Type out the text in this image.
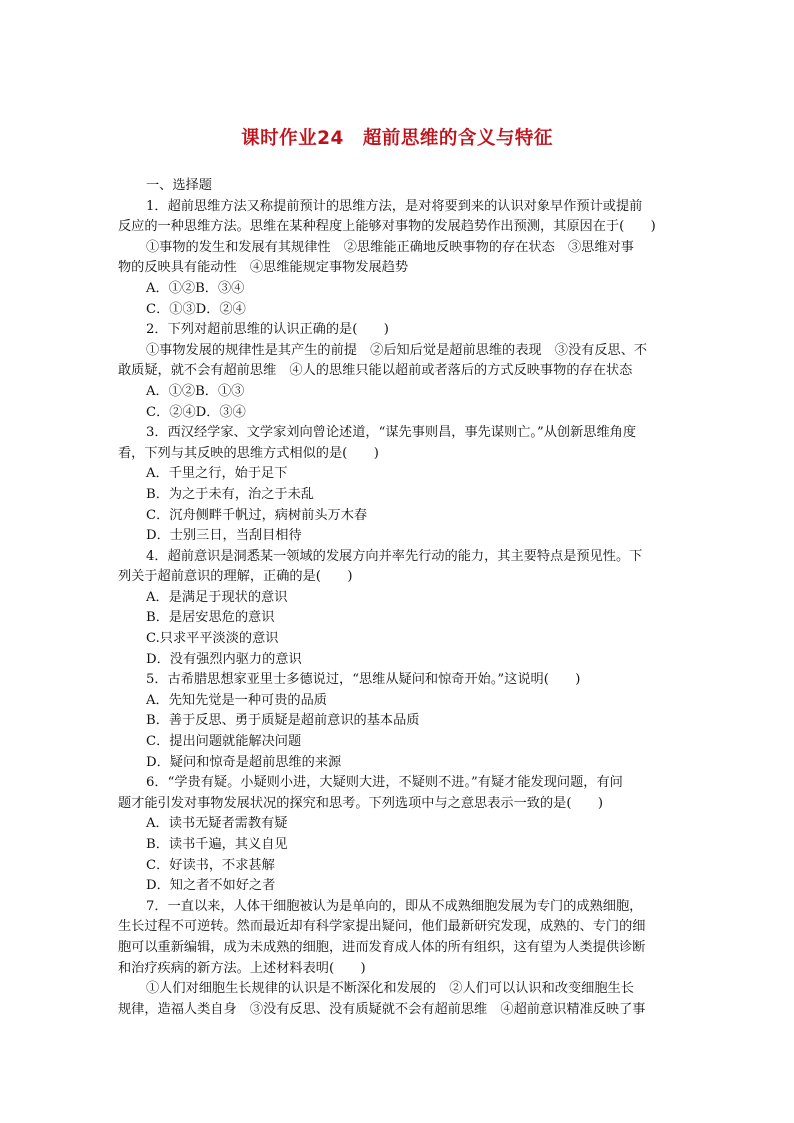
课时作业24　超前思维的含义与特征
一、选择题
1．超前思维方法又称提前预计的思维方法，是对将要到来的认识对象早作预计或提前
反应的一种思维方法。思维在某种程度上能够对事物的发展趋势作出预测，其原因在于(　　)
①事物的发生和发展有其规律性　②思维能正确地反映事物的存在状态　③思维对事
物的反映具有能动性　④思维能规定事物发展趋势
A．①②B．③④
C．①③D．②④
2．下列对超前思维的认识正确的是(　　)
①事物发展的规律性是其产生的前提　②后知后觉是超前思维的表现　③没有反思、不
敢质疑，就不会有超前思维　④人的思维只能以超前或者落后的方式反映事物的存在状态
A．①②B．①③
C．②④D．③④
3．西汉经学家、文学家刘向曾论述道，“谋先事则昌，事先谋则亡。”从创新思维角度
看，下列与其反映的思维方式相似的是(　　)
A．千里之行，始于足下
B．为之于未有，治之于未乱
C．沉舟侧畔千帆过，病树前头万木春
D．士别三日，当刮目相待
4．超前意识是洞悉某一领域的发展方向并率先行动的能力，其主要特点是预见性。下
列关于超前意识的理解，正确的是(　　)
A．是满足于现状的意识
B．是居安思危的意识
C.只求平平淡淡的意识
D．没有强烈内驱力的意识
5．古希腊思想家亚里士多德说过，“思维从疑问和惊奇开始。”这说明(　　)
A．先知先觉是一种可贵的品质
B．善于反思、勇于质疑是超前意识的基本品质
C．提出问题就能解决问题
D．疑问和惊奇是超前思维的来源
6．“学贵有疑。小疑则小进，大疑则大进，不疑则不进。”有疑才能发现问题，有问
题才能引发对事物发展状况的探究和思考。下列选项中与之意思表示一致的是(　　)
A．读书无疑者需教有疑
B．读书千遍，其义自见
C．好读书，不求甚解
D．知之者不如好之者
7．一直以来，人体干细胞被认为是单向的，即从不成熟细胞发展为专门的成熟细胞，
生长过程不可逆转。然而最近却有科学家提出疑问，他们最新研究发现，成熟的、专门的细
胞可以重新编辑，成为未成熟的细胞，进而发育成人体的所有组织，这有望为人类提供诊断
和治疗疾病的新方法。上述材料表明(　　)
①人们对细胞生长规律的认识是不断深化和发展的　②人们可以认识和改变细胞生长
规律，造福人类自身　③没有反思、没有质疑就不会有超前思维　④超前意识精准反映了事
